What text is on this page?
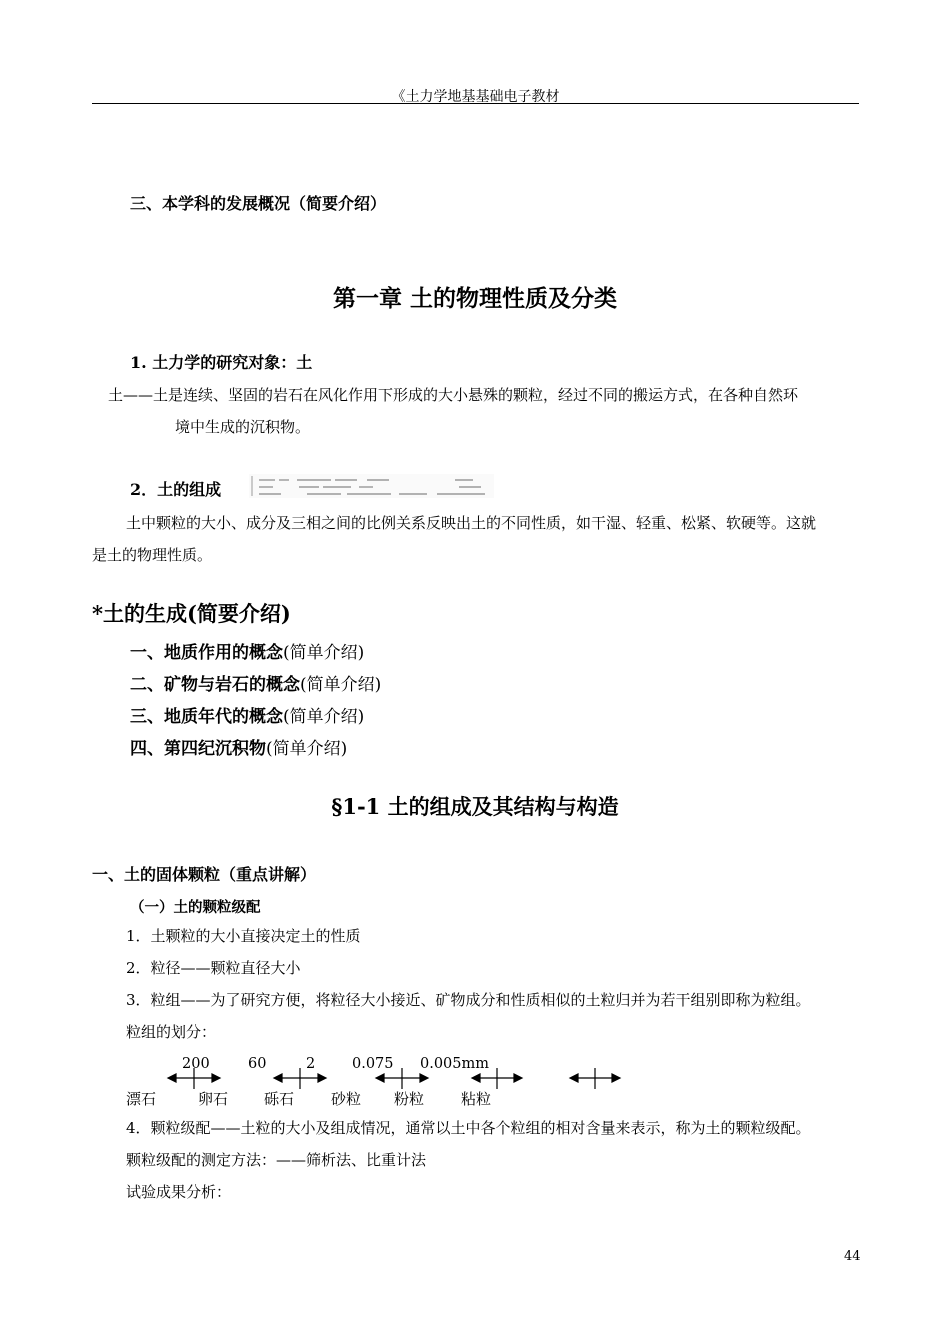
《土力学地基基础电子教材
三、本学科的发展概况（简要介绍）
第一章 土的物理性质及分类
1. 土力学的研究对象：土
土——土是连续、坚固的岩石在风化作用下形成的大小悬殊的颗粒，经过不同的搬运方式，在各种自然环
境中生成的沉积物。
2．土的组成
土中颗粒的大小、成分及三相之间的比例关系反映出土的不同性质，如干湿、轻重、松紧、软硬等。这就
是土的物理性质。
*土的生成(简要介绍)
一、地质作用的概念(简单介绍)
二、矿物与岩石的概念(简单介绍)
三、地质年代的概念(简单介绍)
四、第四纪沉积物(简单介绍)
§1-1 土的组成及其结构与构造
一、土的固体颗粒（重点讲解）
（一）土的颗粒级配
1．土颗粒的大小直接决定土的性质
2．粒径——颗粒直径大小
3．粒组——为了研究方便，将粒径大小接近、矿物成分和性质相似的土粒归并为若干组别即称为粒组。
粒组的划分：
200	60	2	0.075 0.005mm
漂石	卵石 砾石 砂粒 粉粒 粘粒
4．颗粒级配——土粒的大小及组成情况，通常以土中各个粒组的相对含量来表示，称为土的颗粒级配。
颗粒级配的测定方法：——筛析法、比重计法
试验成果分析：
44
